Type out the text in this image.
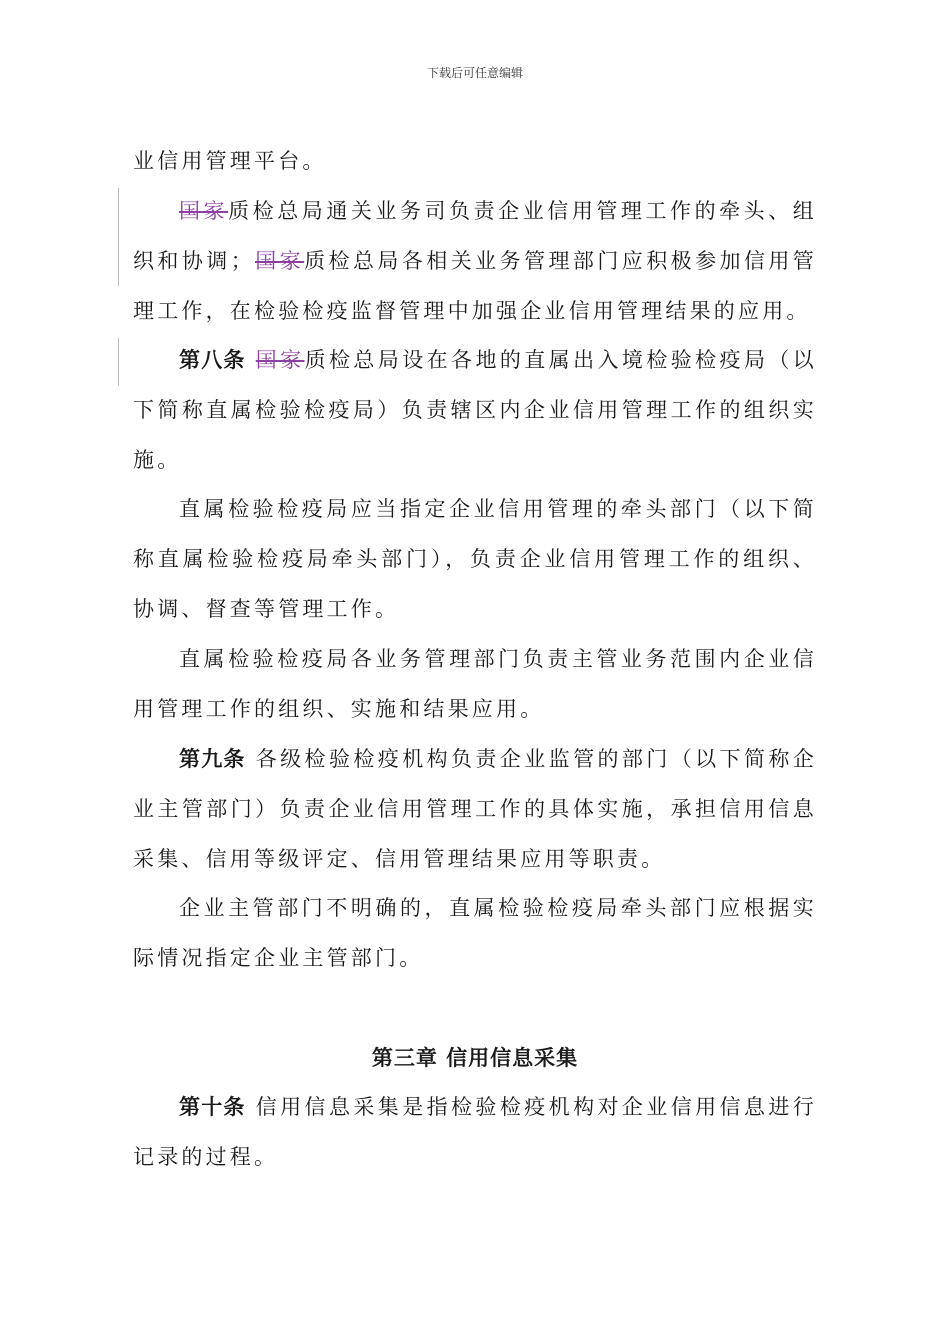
下载后可任意编辑

业信用管理平台。

国家质检总局通关业务司负责企业信用管理工作的牵头、组织和协调；国家质检总局各相关业务管理部门应积极参加信用管理工作，在检验检疫监督管理中加强企业信用管理结果的应用。

第八条 国家质检总局设在各地的直属出入境检验检疫局（以下简称直属检验检疫局）负责辖区内企业信用管理工作的组织实施。

直属检验检疫局应当指定企业信用管理的牵头部门（以下简称直属检验检疫局牵头部门），负责企业信用管理工作的组织、协调、督查等管理工作。

直属检验检疫局各业务管理部门负责主管业务范围内企业信用管理工作的组织、实施和结果应用。

第九条 各级检验检疫机构负责企业监管的部门（以下简称企业主管部门）负责企业信用管理工作的具体实施，承担信用信息采集、信用等级评定、信用管理结果应用等职责。

企业主管部门不明确的，直属检验检疫局牵头部门应根据实际情况指定企业主管部门。

第三章 信用信息采集

第十条 信用信息采集是指检验检疫机构对企业信用信息进行记录的过程。
